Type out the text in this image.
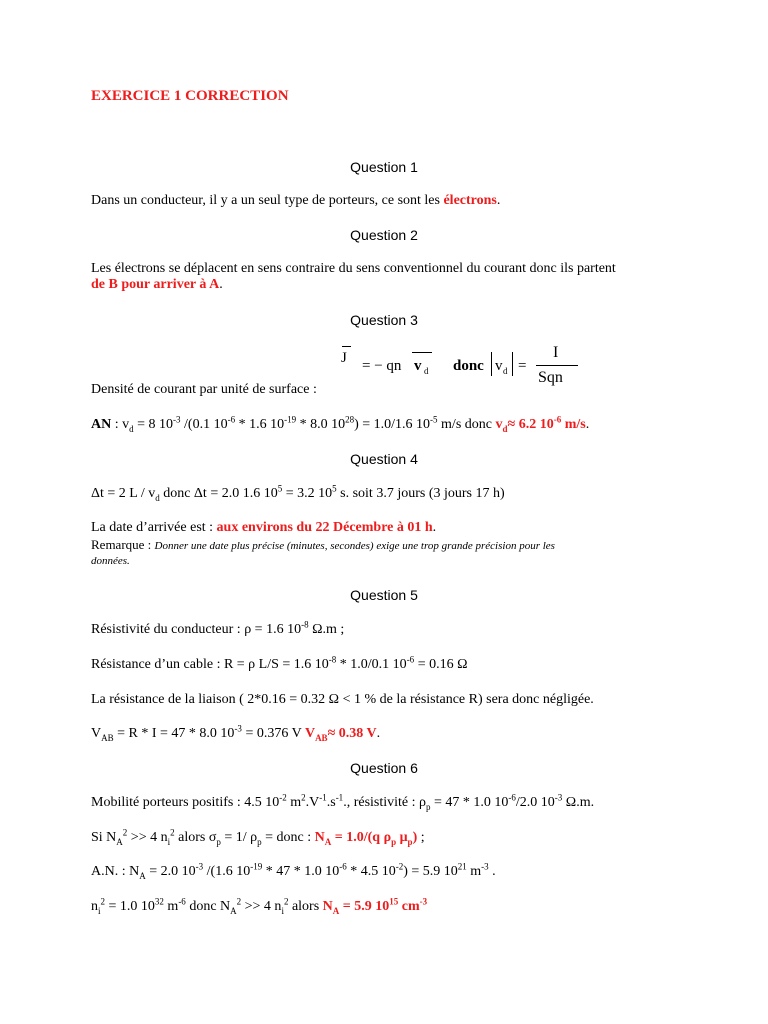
EXERCICE 1 CORRECTION
Question 1
Dans un conducteur, il y a un seul type de porteurs, ce sont les électrons.
Question 2
Les électrons se déplacent en sens contraire du sens conventionnel du courant donc ils partent
de B pour arriver à A.
Question 3
J = − qn v d donc v d =
I
Sqn
Densité de courant par unité de surface :
AN : $v_d = 8$ $10^{-3}$ /(0.1 $10^{-6} * 1.6$ $10^{-19} * 8.0$ $10^{28}) = 1.0/1.6$ $10^{-5}$ m/s donc $v_d\approx 6.2$ $10^{-6}$ m/s.
Question 4
Δt = 2 L / $v_d$ donc Δt = 2.0 1.6 $10^5 = 3.2$ $10^5$ s. soit 3.7 jours (3 jours 17 h)
La date d’arrivée est : aux environs du 22 Décembre à 01 h.
Remarque : Donner une date plus précise (minutes, secondes) exige une trop grande précision pour les
données.
Question 5
Résistivité du conducteur : ρ = 1.6 $10^{-8}$ Ω.m ;
Résistance d’un cable : R = ρ L/S = 1.6 $10^{-8} * 1.0/0.1$ $10^{-6} = 0.16$ Ω
La résistance de la liaison ( 2*0.16 = 0.32 Ω < 1 % de la résistance R) sera donc négligée.
$V_{AB} = R * I = 47 * 8.0$ $10^{-3} = 0.376$ V $V_{AB}\approx 0.38$ V.
Question 6
Mobilité porteurs positifs : 4.5 $10^{-2}$ $m^2.V^{-1}.s^{-1}$., résistivité : $\rho_p = 47 * 1.0$ $10^{-6}/2.0$ $10^{-3}$ Ω.m.
Si $N_A^2 >> 4$ $n_i^2$ alors $\sigma_p = 1/$ $\rho_p$ = donc : $N_A = 1.0/(q$ $\rho_p$ $\mu_p$) ;
A.N. : $N_A = 2.0$ $10^{-3}$ /(1.6 $10^{-19} * 47 * 1.0$ $10^{-6} * 4.5$ $10^{-2}) = 5.9$ $10^{21}$ $m^{-3}$ .
$n_i^2 = 1.0$ $10^{32}$ $m^{-6}$ donc $N_A^2 >> 4$ $n_i^2$ alors $N_A = 5.9$ $10^{15}$ $cm^{-3}$
